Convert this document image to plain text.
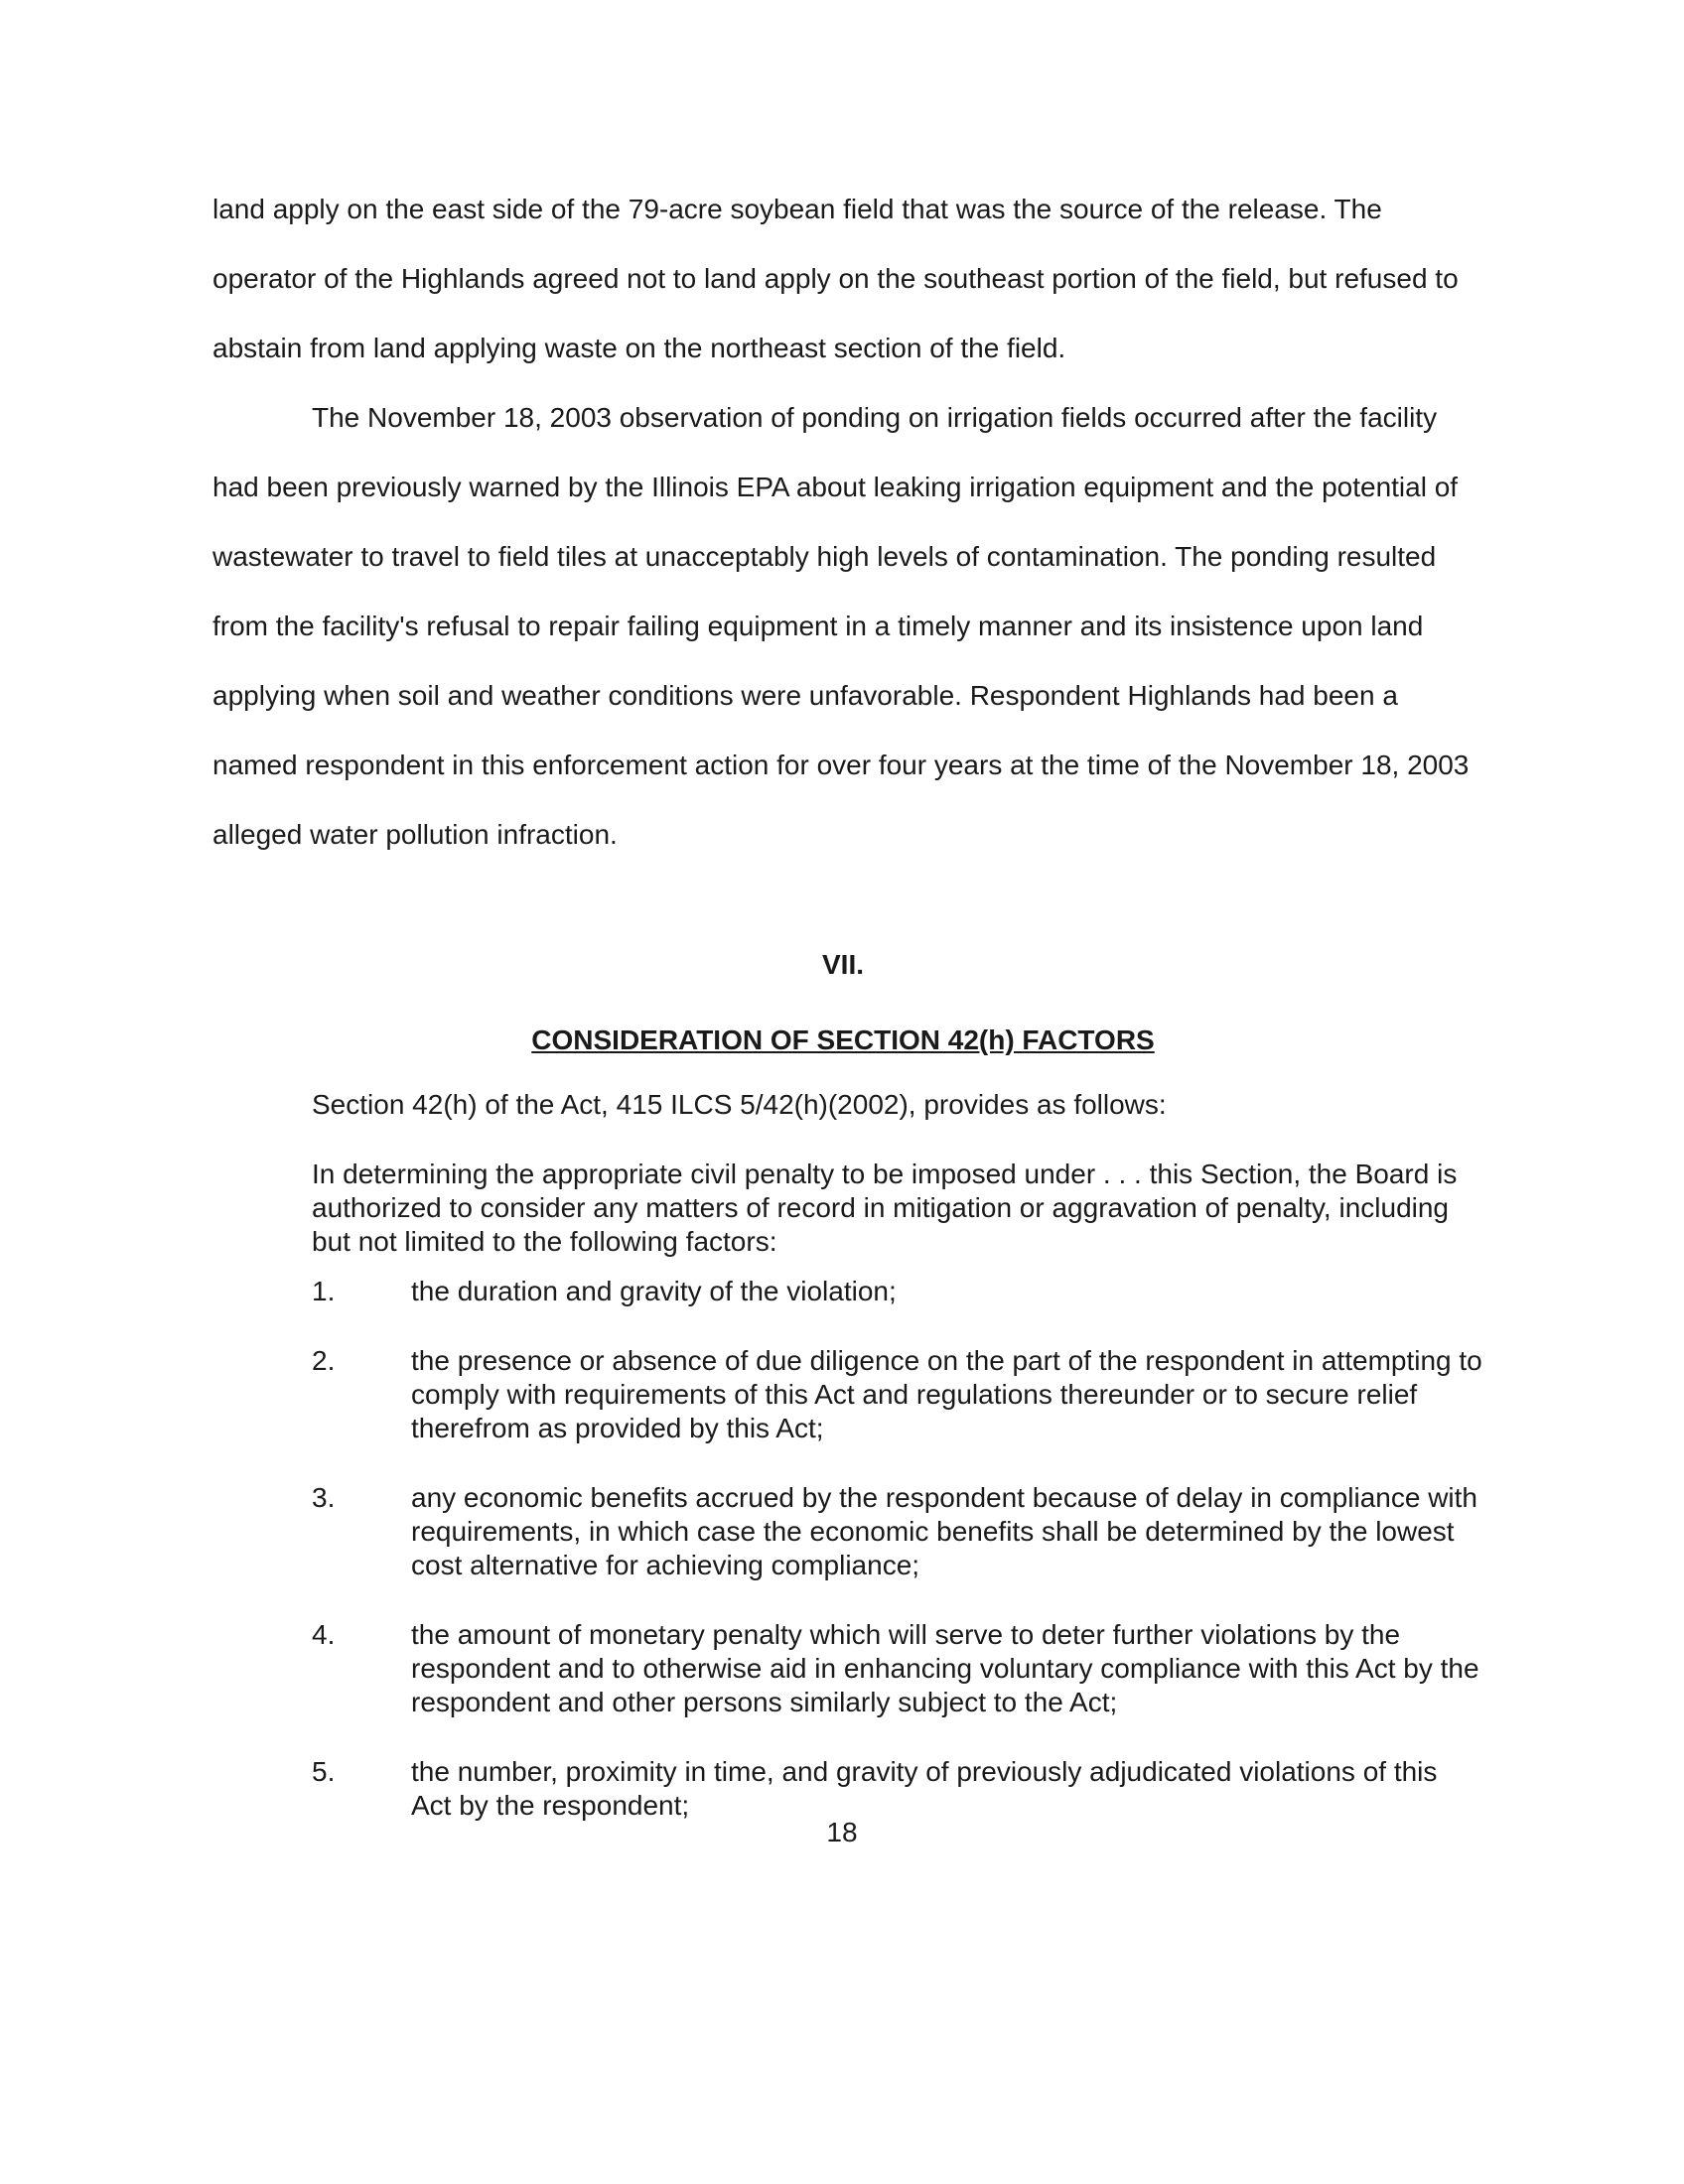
land apply on the east side of the 79-acre soybean field that was the source of the release. The operator of the Highlands agreed not to land apply on the southeast portion of the field, but refused to abstain from land applying waste on the northeast section of the field.

The November 18, 2003 observation of ponding on irrigation fields occurred after the facility had been previously warned by the Illinois EPA about leaking irrigation equipment and the potential of wastewater to travel to field tiles at unacceptably high levels of contamination. The ponding resulted from the facility's refusal to repair failing equipment in a timely manner and its insistence upon land applying when soil and weather conditions were unfavorable. Respondent Highlands had been a named respondent in this enforcement action for over four years at the time of the November 18, 2003 alleged water pollution infraction.

VII.

CONSIDERATION OF SECTION 42(h) FACTORS

Section 42(h) of the Act, 415 ILCS 5/42(h)(2002), provides as follows:
In determining the appropriate civil penalty to be imposed under . . . this Section, the Board is authorized to consider any matters of record in mitigation or aggravation of penalty, including but not limited to the following factors:
1.	the duration and gravity of the violation;
2.	the presence or absence of due diligence on the part of the respondent in attempting to comply with requirements of this Act and regulations thereunder or to secure relief therefrom as provided by this Act;
3.	any economic benefits accrued by the respondent because of delay in compliance with requirements, in which case the economic benefits shall be determined by the lowest cost alternative for achieving compliance;
4.	the amount of monetary penalty which will serve to deter further violations by the respondent and to otherwise aid in enhancing voluntary compliance with this Act by the respondent and other persons similarly subject to the Act;
5.	the number, proximity in time, and gravity of previously adjudicated violations of this Act by the respondent;
18
